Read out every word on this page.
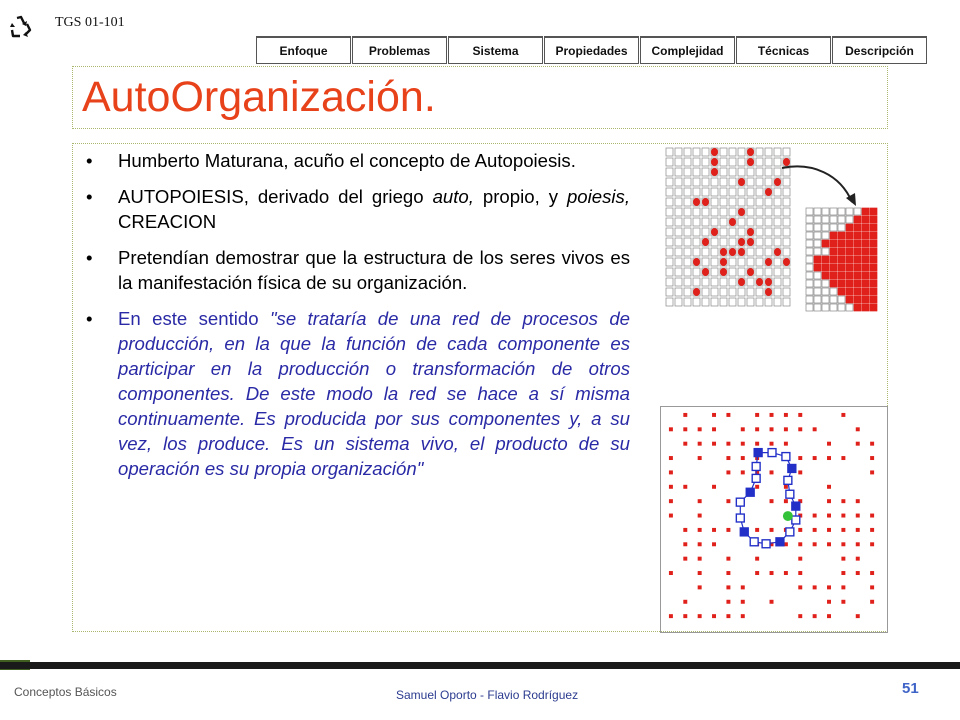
TGS 01-101
Enfoque	Problemas	Sistema	Propiedades	Complejidad	Técnicas	Descripción
AutoOrganización.
• Humberto Maturana, acuño el concepto de Autopoiesis.
• AUTOPOIESIS, derivado del griego auto, propio, y poiesis, CREACION
• Pretendían demostrar que la estructura de los seres vivos es la manifestación física de su organización.
• En este sentido "se trataría de una red de procesos de producción, en la que la función de cada componente es participar en la producción o transformación de otros componentes. De este modo la red se hace a sí misma continuamente. Es producida por sus componentes y, a su vez, los produce. Es un sistema vivo, el producto de su operación es su propia organización"
Conceptos Básicos	Samuel Oporto - Flavio Rodríguez	51
